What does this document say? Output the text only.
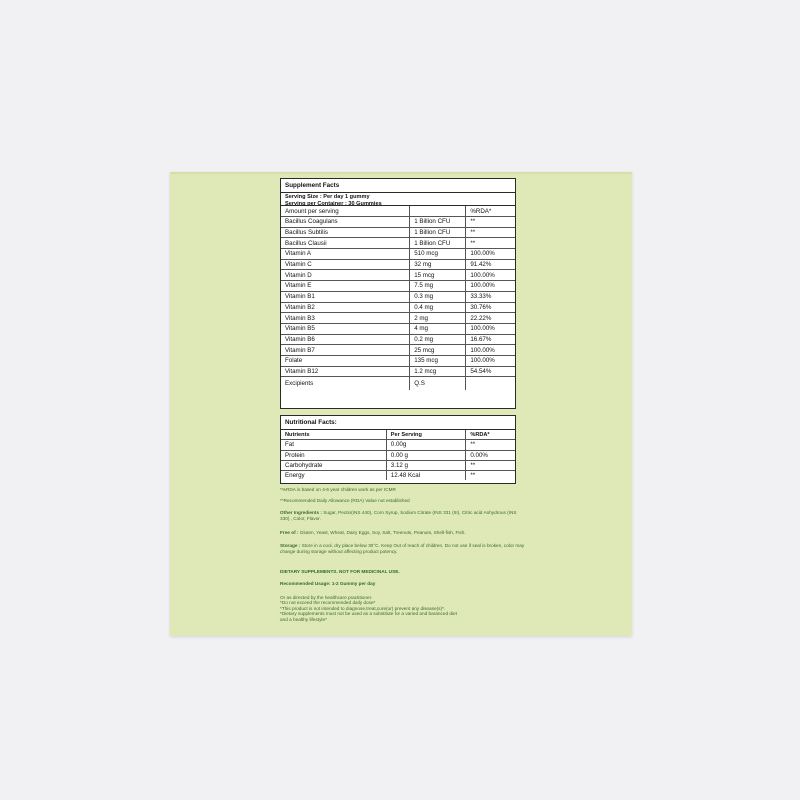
Supplement Facts
Serving Size : Per day 1 gummy
Serving per Container : 30 Gummies
Amount per serving		%RDA*
Bacillus Coagulans	1 Billion CFU	**
Bacillus Subtilis	1 Billion CFU	**
Bacillus Clausii	1 Billion CFU	**
Vitamin A	510 mcg	100.00%
Vitamin C	32 mg	91.42%
Vitamin D	15 mcg	100.00%
Vitamin E	7.5 mg	100.00%
Vitamin B1	0.3 mg	33.33%
Vitamin B2	0.4 mg	30.76%
Vitamin B3	2 mg	22.22%
Vitamin B5	4 mg	100.00%
Vitamin B6	0.2 mg	16.67%
Vitamin B7	25 mcg	100.00%
Folate	135 mcg	100.00%
Vitamin B12	1.2 mcg	54.54%
Excipients	Q.S	
Nutritional Facts:
Nutrients	Per Serving	%RDA*
Fat	0.00g	**
Protein	0.00 g	0.00%
Carbohydrate	3.12 g	**
Energy	12.48 Kcal	**
*%RDA is based on 4-6 year children work as per ICMR
**Recommended Daily Allowance (RDA) Value not established
Other Ingredients : Sugar, Pectin(INS 440), Corn Syrup, Sodium Citrate (INS 331 (III), Citric acid Anhydrous (INS 330) , Color, Flavor.
Free of : Gluten, Yeast, Wheat, Dairy Eggs, Soy, Salt, Treenuts, Peanuts, Shell-fish, Fish.
Storage : Store in a cool, dry place below 30°C. Keep Out of reach of children. Do not use if seal is broken, color may change during storage without affecting product potency.
DIETARY SUPPLEMENTS. NOT FOR MEDICINAL USE.
Recommended Usage: 1-2 Gummy per day
Or as directed by the healthcare practitioner.
*Do not exceed the recommended daily dose*
*This product is not intended to diagnose,treat,cure(or) prevent any disease(s)*.
*Dietary supplements must not be used as a substitute for a varied and baranced diet
and a healthy lifestyle*
